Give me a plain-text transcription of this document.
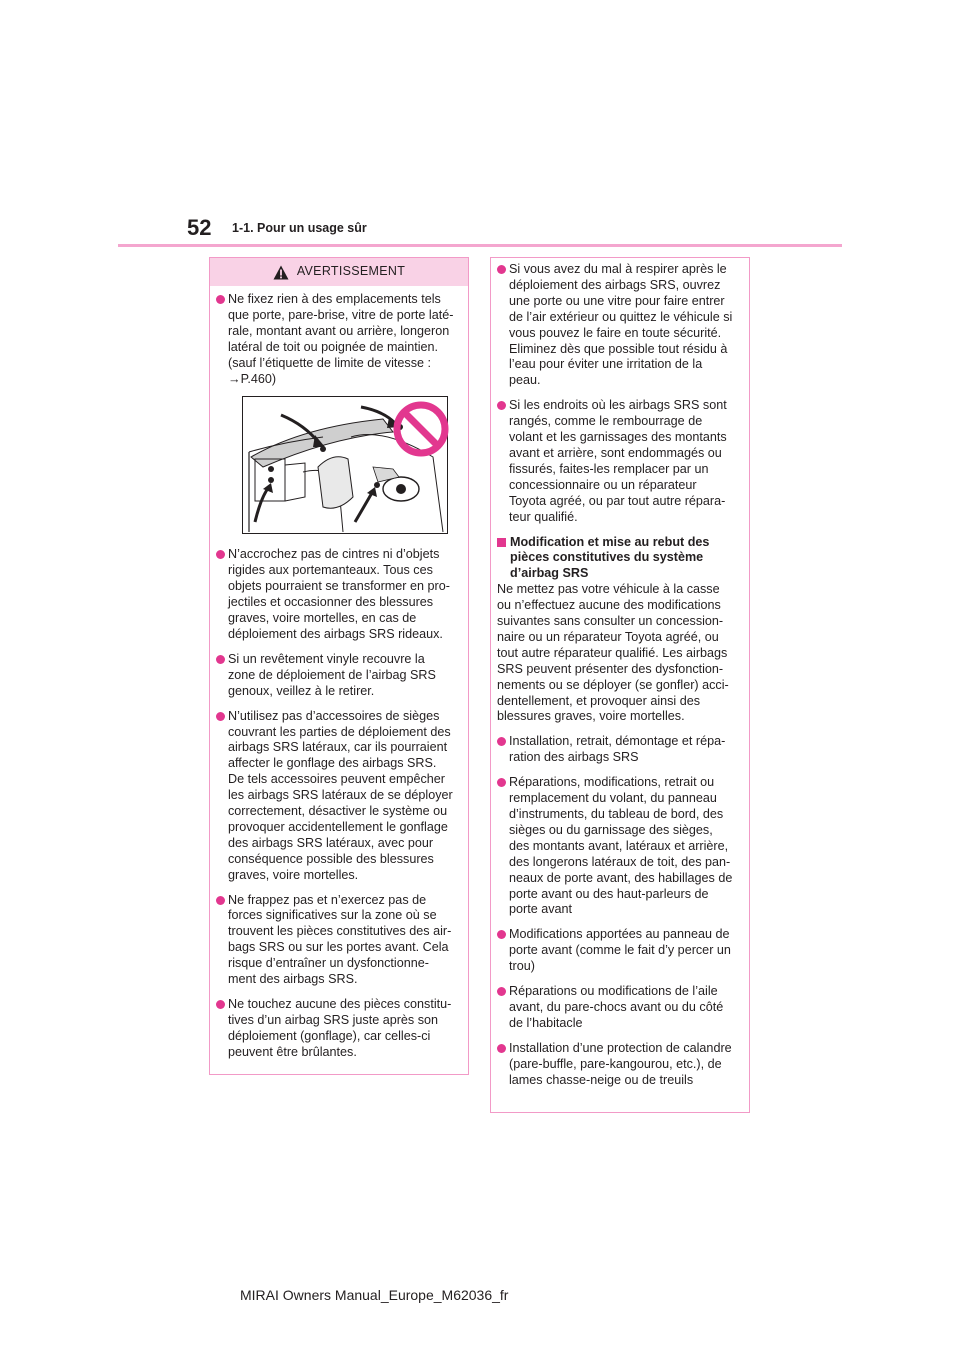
52 1-1. Pour un usage sûr
AVERTISSEMENT
Ne fixez rien à des emplacements tels
que porte, pare-brise, vitre de porte laté-
rale, montant avant ou arrière, longeron
latéral de toit ou poignée de maintien.
(sauf l’étiquette de limite de vitesse :
→P.460)
N’accrochez pas de cintres ni d’objets
rigides aux portemanteaux. Tous ces
objets pourraient se transformer en pro-
jectiles et occasionner des blessures
graves, voire mortelles, en cas de
déploiement des airbags SRS rideaux.
Si un revêtement vinyle recouvre la
zone de déploiement de l’airbag SRS
genoux, veillez à le retirer.
N’utilisez pas d’accessoires de sièges
couvrant les parties de déploiement des
airbags SRS latéraux, car ils pourraient
affecter le gonflage des airbags SRS.
De tels accessoires peuvent empêcher
les airbags SRS latéraux de se déployer
correctement, désactiver le système ou
provoquer accidentellement le gonflage
des airbags SRS latéraux, avec pour
conséquence possible des blessures
graves, voire mortelles.
Ne frappez pas et n’exercez pas de
forces significatives sur la zone où se
trouvent les pièces constitutives des air-
bags SRS ou sur les portes avant. Cela
risque d’entraîner un dysfonctionne-
ment des airbags SRS.
Ne touchez aucune des pièces constitu-
tives d’un airbag SRS juste après son
déploiement (gonflage), car celles-ci
peuvent être brûlantes.
Si vous avez du mal à respirer après le
déploiement des airbags SRS, ouvrez
une porte ou une vitre pour faire entrer
de l’air extérieur ou quittez le véhicule si
vous pouvez le faire en toute sécurité.
Eliminez dès que possible tout résidu à
l’eau pour éviter une irritation de la
peau.
Si les endroits où les airbags SRS sont
rangés, comme le rembourrage de
volant et les garnissages des montants
avant et arrière, sont endommagés ou
fissurés, faites-les remplacer par un
concessionnaire ou un réparateur
Toyota agréé, ou par tout autre répara-
teur qualifié.
Modification et mise au rebut des
pièces constitutives du système
d’airbag SRS
Ne mettez pas votre véhicule à la casse
ou n’effectuez aucune des modifications
suivantes sans consulter un concession-
naire ou un réparateur Toyota agréé, ou
tout autre réparateur qualifié. Les airbags
SRS peuvent présenter des dysfonction-
nements ou se déployer (se gonfler) acci-
dentellement, et provoquer ainsi des
blessures graves, voire mortelles.
Installation, retrait, démontage et répa-
ration des airbags SRS
Réparations, modifications, retrait ou
remplacement du volant, du panneau
d’instruments, du tableau de bord, des
sièges ou du garnissage des sièges,
des montants avant, latéraux et arrière,
des longerons latéraux de toit, des pan-
neaux de porte avant, des habillages de
porte avant ou des haut-parleurs de
porte avant
Modifications apportées au panneau de
porte avant (comme le fait d’y percer un
trou)
Réparations ou modifications de l’aile
avant, du pare-chocs avant ou du côté
de l’habitacle
Installation d’une protection de calandre
(pare-buffle, pare-kangourou, etc.), de
lames chasse-neige ou de treuils
MIRAI Owners Manual_Europe_M62036_fr
